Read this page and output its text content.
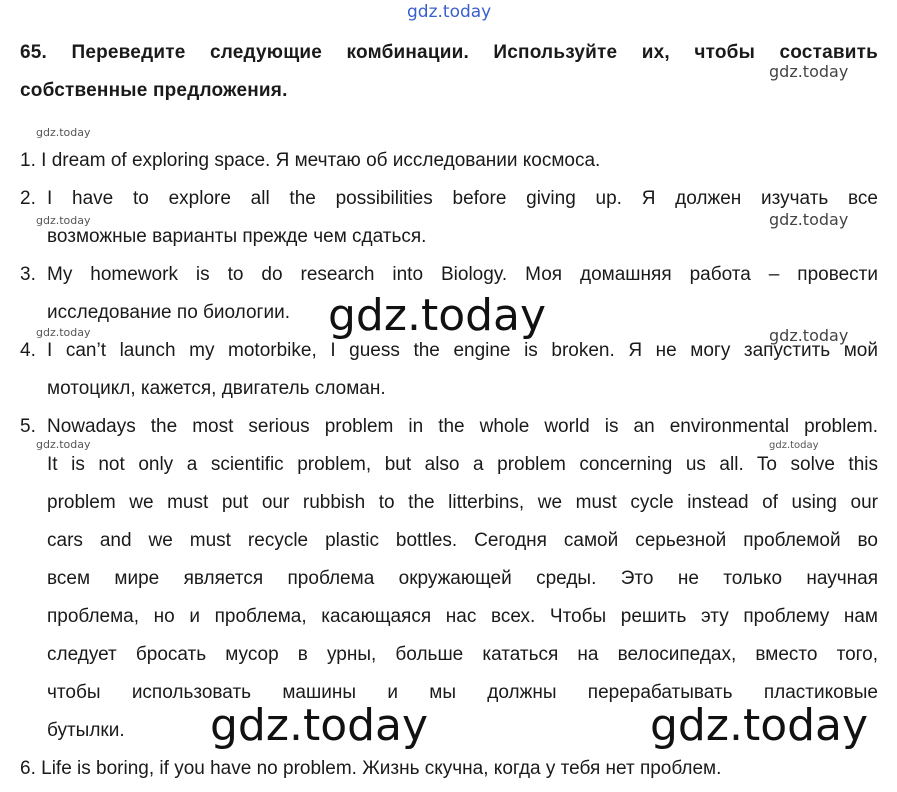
gdz.today
65. Переведите следующие комбинации. Используйте их, чтобы составить
собственные предложения.
gdz.today
gdz.today
gdz.today	gdz.today
gdz.today	gdz.today
gdz.today	gdz.today
1. I dream of exploring space. Я мечтаю об исследовании космоса.
2. I have to explore all the possibilities before giving up. Я должен изучать все
возможные варианты прежде чем сдаться.
3. My homework is to do research into Biology. Моя домашняя работа – провести
исследование по биологии.
4. I can’t launch my motorbike, I guess the engine is broken. Я не могу запустить мой
мотоцикл, кажется, двигатель сломан.
5. Nowadays the most serious problem in the whole world is an environmental problem.
It is not only a scientific problem, but also a problem concerning us all. To solve this
problem we must put our rubbish to the litterbins, we must cycle instead of using our
cars and we must recycle plastic bottles. Сегодня самой серьезной проблемой во
всем мире является проблема окружающей среды. Это не только научная
проблема, но и проблема, касающаяся нас всех. Чтобы решить эту проблему нам
следует бросать мусор в урны, больше кататься на велосипедах, вместо того,
чтобы использовать машины и мы должны перерабатывать пластиковые
бутылки.
6. Life is boring, if you have no problem. Жизнь скучна, когда у тебя нет проблем.
gdz.today
gdz.today	gdz.today
